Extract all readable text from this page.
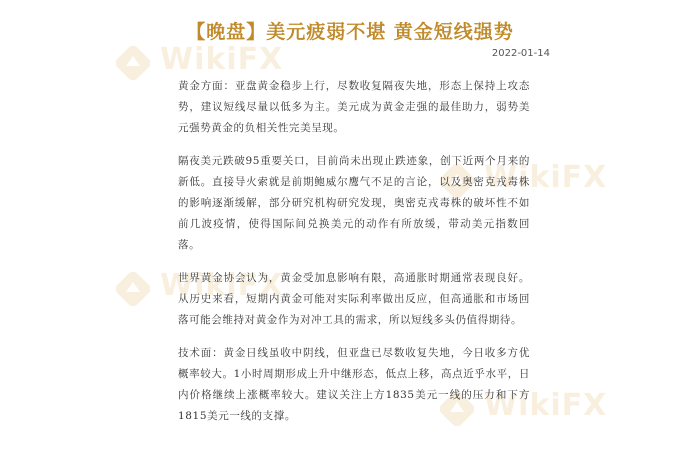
WikiFX
WikiFX
WikiFX
WikiFX
【晚盘】美元疲弱不堪 黄金短线强势
2022-01-14

黄金方面：亚盘黄金稳步上行，尽数收复隔夜失地，形态上保持上攻态势，建议短线尽量以低多为主。美元成为黄金走强的最佳助力，弱势美元强势黄金的负相关性完美呈现。

隔夜美元跌破95重要关口，目前尚未出现止跌迹象，创下近两个月来的新低。直接导火索就是前期鲍威尔鹰气不足的言论，以及奥密克戎毒株的影响逐渐缓解，部分研究机构研究发现，奥密克戎毒株的破坏性不如前几波疫情，使得国际间兑换美元的动作有所放缓，带动美元指数回落。

世界黄金协会认为，黄金受加息影响有限，高通胀时期通常表现良好。从历史来看，短期内黄金可能对实际利率做出反应，但高通胀和市场回落可能会维持对黄金作为对冲工具的需求，所以短线多头仍值得期待。

技术面：黄金日线虽收中阴线，但亚盘已尽数收复失地，今日收多方优概率较大。1小时周期形成上升中继形态，低点上移，高点近乎水平，日内价格继续上涨概率较大。建议关注上方1835美元一线的压力和下方1815美元一线的支撑。
